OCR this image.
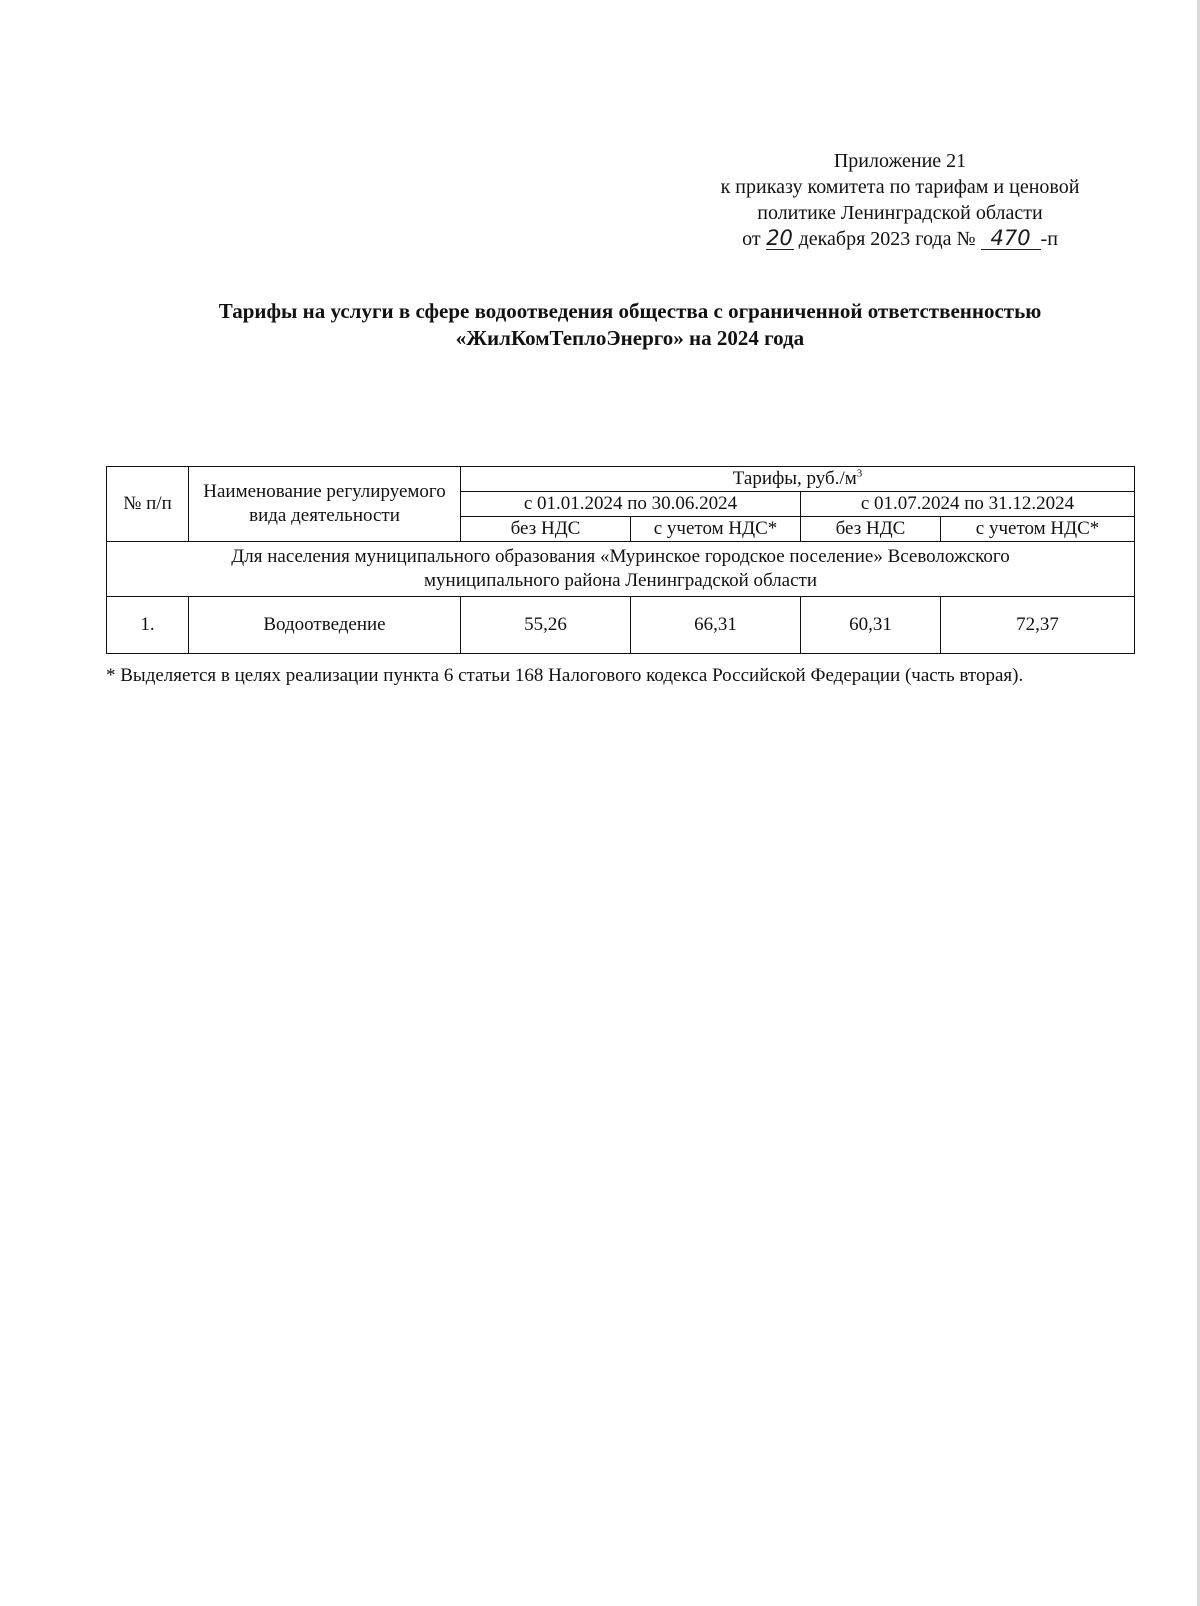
Приложение 21
к приказу комитета по тарифам и ценовой
политике Ленинградской области
от 20 декабря 2023 года № 470 -п
Тарифы на услуги в сфере водоотведения общества с ограниченной ответственностью
«ЖилКомТеплоЭнерго» на 2024 года
№ п/п	Наименование регулируемого вида деятельности	Тарифы, $руб./м^3$
		с 01.01.2024 по 30.06.2024		с 01.07.2024 по 31.12.2024	
		без НДС	с учетом НДС*	без НДС	с учетом НДС*

Для населения муниципального образования «Муринское городское поселение» Всеволожского
муниципального района Ленинградской области					

1.	Водоотведение	55,26	66,31	60,31	72,37
* Выделяется в целях реализации пункта 6 статьи 168 Налогового кодекса Российской Федерации (часть вторая).
